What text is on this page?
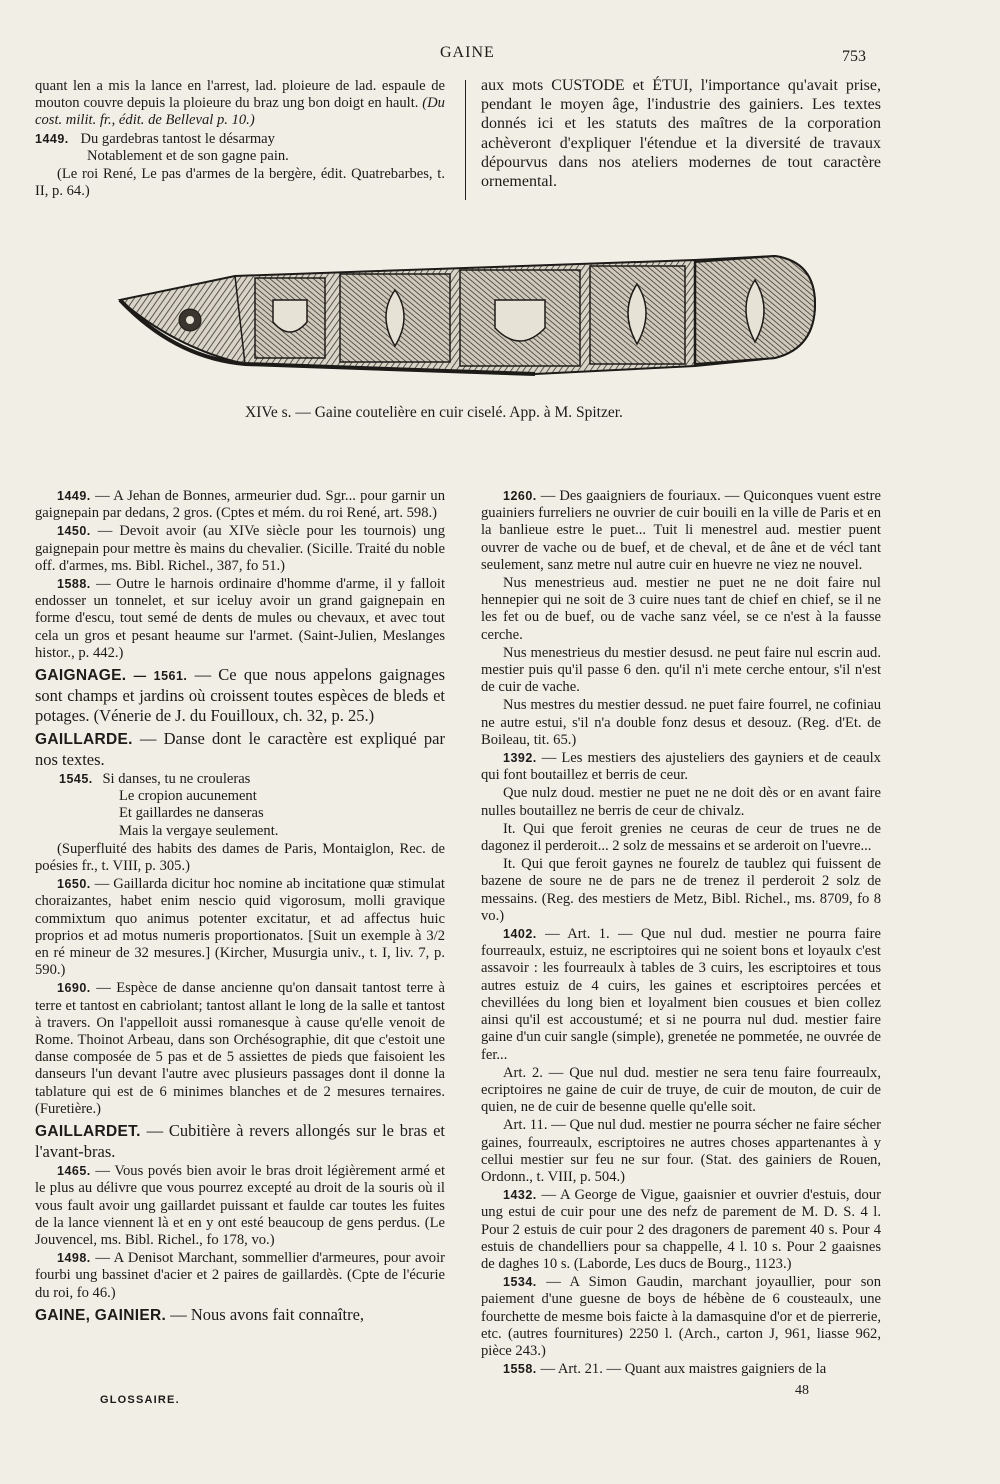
GAINE	753

quant len a mis la lance en l'arrest, lad. ploieure de lad. espaule de mouton couvre depuis la ploieure du braz ung bon doigt en hault. (Du cost. milit. fr., édit. de Belleval p. 10.)

1449. Du gardebras tantost le désarmay
Notablement et de son gagne pain.

(Le roi René, Le pas d'armes de la bergère, édit. Quatrebarbes, t. II, p. 64.)

aux mots CUSTODE et ÉTUI, l'importance qu'avait prise, pendant le moyen âge, l'industrie des gainiers. Les textes donnés ici et les statuts des maîtres de la corporation achèveront d'expliquer l'étendue et la diversité de travaux dépourvus dans nos ateliers modernes de tout caractère ornemental.

XIVe s. — Gaine coutelière en cuir ciselé. App. à M. Spitzer.

1449. — A Jehan de Bonnes, armeurier dud. Sgr... pour garnir un gaignepain par dedans, 2 gros. (Cptes et mém. du roi René, art. 598.)

1450. — Devoit avoir (au XIVe siècle pour les tournois) ung gaignepain pour mettre ès mains du chevalier. (Sicille. Traité du noble off. d'armes, ms. Bibl. Richel., 387, fo 51.)

1588. — Outre le harnois ordinaire d'homme d'arme, il y falloit endosser un tonnelet, et sur iceluy avoir un grand gaignepain en forme d'escu, tout semé de dents de mules ou chevaux, et avec tout cela un gros et pesant heaume sur l'armet. (Saint-Julien, Meslanges histor., p. 442.)

GAIGNAGE. — 1561. — Ce que nous appelons gaignages sont champs et jardins où croissent toutes espèces de bleds et potages. (Vénerie de J. du Fouilloux, ch. 32, p. 25.)

GAILLARDE. — Danse dont le caractère est expliqué par nos textes.

1545. Si danses, tu ne crouleras
Le cropion aucunement
Et gaillardes ne danseras
Mais la vergaye seulement.

(Superfluité des habits des dames de Paris, Montaiglon, Rec. de poésies fr., t. VIII, p. 305.)

1650. — Gaillarda dicitur hoc nomine ab incitatione quæ stimulat choraizantes, habet enim nescio quid vigorosum, molli gravique commixtum quo animus potenter excitatur, et ad affectus huic proprios et ad motus numeris proportionatos. [Suit un exemple à 3/2 en ré mineur de 32 mesures.] (Kircher, Musurgia univ., t. I, liv. 7, p. 590.)

1690. — Espèce de danse ancienne qu'on dansait tantost terre à terre et tantost en cabriolant; tantost allant le long de la salle et tantost à travers. On l'appelloit aussi romanesque à cause qu'elle venoit de Rome. Thoinot Arbeau, dans son Orchésographie, dit que c'estoit une danse composée de 5 pas et de 5 assiettes de pieds que faisoient les danseurs l'un devant l'autre avec plusieurs passages dont il donne la tablature qui est de 6 minimes blanches et de 2 mesures ternaires. (Furetière.)

GAILLARDET. — Cubitière à revers allongés sur le bras et l'avant-bras.

1465. — Vous povés bien avoir le bras droit légièrement armé et le plus au délivre que vous pourrez excepté au droit de la souris où il vous fault avoir ung gaillardet puissant et faulde car toutes les fuites de la lance viennent là et en y ont esté beaucoup de gens perdus. (Le Jouvencel, ms. Bibl. Richel., fo 178, vo.)

1498. — A Denisot Marchant, sommellier d'armeures, pour avoir fourbi ung bassinet d'acier et 2 paires de gaillardès. (Cpte de l'écurie du roi, fo 46.)

GAINE, GAINIER. — Nous avons fait connaître,

1260. — Des gaaigniers de fouriaux. — Quiconques vuent estre guainiers furreliers ne ouvrier de cuir bouili en la ville de Paris et en la banlieue estre le puet... Tuit li menestrel aud. mestier puent ouvrer de vache ou de buef, et de cheval, et de âne et de vécl tant seulement, sanz metre nul autre cuir en huevre ne viez ne nouvel.

Nus menestrieus aud. mestier ne puet ne ne doit faire nul hennepier qui ne soit de 3 cuire nues tant de chief en chief, se il ne les fet ou de buef, ou de vache sanz véel, se ce n'est à la fausse cerche.

Nus menestrieus du mestier desusd. ne peut faire nul escrin aud. mestier puis qu'il passe 6 den. qu'il n'i mete cerche entour, s'il n'est de cuir de vache.

Nus mestres du mestier dessud. ne puet faire fourrel, ne cofiniau ne autre estui, s'il n'a double fonz desus et desouz. (Reg. d'Et. de Boileau, tit. 65.)

1392. — Les mestiers des ajusteliers des gayniers et de ceaulx qui font boutaillez et berris de ceur.

Que nulz doud. mestier ne puet ne ne doit dès or en avant faire nulles boutaillez ne berris de ceur de chivalz.

It. Qui que feroit grenies ne ceuras de ceur de trues ne de dagonez il perderoit... 2 solz de messains et se arderoit on l'uevre...

It. Qui que feroit gaynes ne fourelz de taublez qui fuissent de bazene de soure ne de pars ne de trenez il perderoit 2 solz de messains. (Reg. des mestiers de Metz, Bibl. Richel., ms. 8709, fo 8 vo.)

1402. — Art. 1. — Que nul dud. mestier ne pourra faire fourreaulx, estuiz, ne escriptoires qui ne soient bons et loyaulx c'est assavoir : les fourreaulx à tables de 3 cuirs, les escriptoires et tous autres estuiz de 4 cuirs, les gaines et escriptoires percées et chevillées du long bien et loyalment bien cousues et bien collez ainsi qu'il est accoustumé; et si ne pourra nul dud. mestier faire gaine d'un cuir sangle (simple), grenetée ne pommetée, ne ouvrée de fer...

Art. 2. — Que nul dud. mestier ne sera tenu faire fourreaulx, ecriptoires ne gaine de cuir de truye, de cuir de mouton, de cuir de quien, ne de cuir de besenne quelle qu'elle soit.

Art. 11. — Que nul dud. mestier ne pourra sécher ne faire sécher gaines, fourreaulx, escriptoires ne autres choses appartenantes à y cellui mestier sur feu ne sur four. (Stat. des gainiers de Rouen, Ordonn., t. VIII, p. 504.)

1432. — A George de Vigue, gaaisnier et ouvrier d'estuis, dour ung estui de cuir pour une des nefz de parement de M. D. S. 4 l. Pour 2 estuis de cuir pour 2 des dragoners de parement 40 s. Pour 4 estuis de chandelliers pour sa chappelle, 4 l. 10 s. Pour 2 gaaisnes de daghes 10 s. (Laborde, Les ducs de Bourg., 1123.)

1534. — A Simon Gaudin, marchant joyaullier, pour son paiement d'une guesne de boys de hébène de 6 cousteaulx, une fourchette de mesme bois faicte à la damasquine d'or et de pierrerie, etc. (autres fournitures) 2250 l. (Arch., carton J, 961, liasse 962, pièce 243.)

1558. — Art. 21. — Quant aux maistres gaigniers de la

GLOSSAIRE.
48
